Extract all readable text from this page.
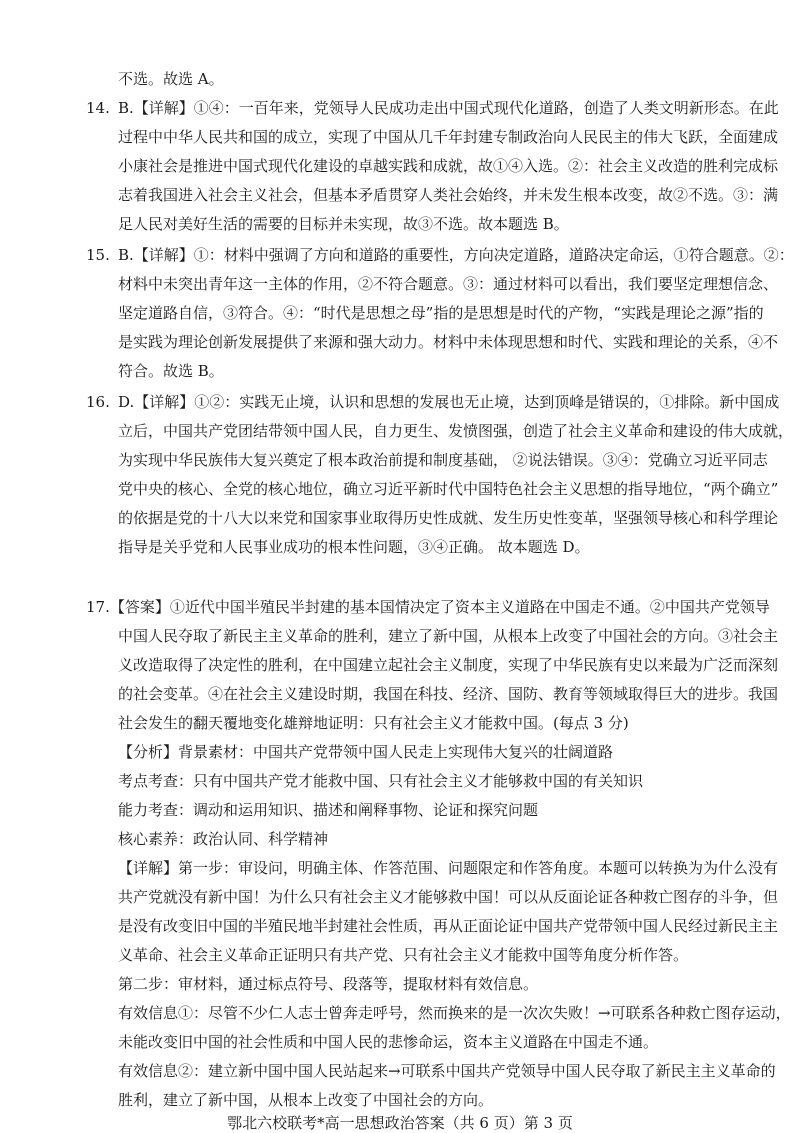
不选。故选 A。
14. B.【详解】①④：一百年来，党领导人民成功走出中国式现代化道路，创造了人类文明新形态。在此
过程中中华人民共和国的成立，实现了中国从几千年封建专制政治向人民民主的伟大飞跃，全面建成
小康社会是推进中国式现代化建设的卓越实践和成就，故①④入选。②：社会主义改造的胜利完成标
志着我国进入社会主义社会，但基本矛盾贯穿人类社会始终，并未发生根本改变，故②不选。③：满
足人民对美好生活的需要的目标并未实现，故③不选。故本题选 B。
15. B.【详解】①：材料中强调了方向和道路的重要性，方向决定道路，道路决定命运，①符合题意。②：
材料中未突出青年这一主体的作用，②不符合题意。③：通过材料可以看出，我们要坚定理想信念、
坚定道路自信，③符合。④：“时代是思想之母”指的是思想是时代的产物，“实践是理论之源”指的
是实践为理论创新发展提供了来源和强大动力。材料中未体现思想和时代、实践和理论的关系，④不
符合。故选 B。
16. D.【详解】①②：实践无止境，认识和思想的发展也无止境，达到顶峰是错误的，①排除。新中国成
立后，中国共产党团结带领中国人民，自力更生、发愤图强，创造了社会主义革命和建设的伟大成就，
为实现中华民族伟大复兴奠定了根本政治前提和制度基础， ②说法错误。③④：党确立习近平同志
党中央的核心、全党的核心地位，确立习近平新时代中国特色社会主义思想的指导地位，“两个确立”
的依据是党的十八大以来党和国家事业取得历史性成就、发生历史性变革，坚强领导核心和科学理论
指导是关乎党和人民事业成功的根本性问题，③④正确。 故本题选 D。
17.【答案】①近代中国半殖民半封建的基本国情决定了资本主义道路在中国走不通。②中国共产党领导
中国人民夺取了新民主主义革命的胜利，建立了新中国，从根本上改变了中国社会的方向。③社会主
义改造取得了决定性的胜利，在中国建立起社会主义制度，实现了中华民族有史以来最为广泛而深刻
的社会变革。④在社会主义建设时期，我国在科技、经济、国防、教育等领域取得巨大的进步。我国
社会发生的翻天覆地变化雄辩地证明：只有社会主义才能救中国。(每点 3 分)
【分析】背景素材：中国共产党带领中国人民走上实现伟大复兴的壮阔道路
考点考查：只有中国共产党才能救中国、只有社会主义才能够救中国的有关知识
能力考查：调动和运用知识、描述和阐释事物、论证和探究问题
核心素养：政治认同、科学精神
【详解】第一步：审设问，明确主体、作答范围、问题限定和作答角度。本题可以转换为为什么没有
共产党就没有新中国！为什么只有社会主义才能够救中国！可以从反面论证各种救亡图存的斗争，但
是没有改变旧中国的半殖民地半封建社会性质，再从正面论证中国共产党带领中国人民经过新民主主
义革命、社会主义革命正证明只有共产党、只有社会主义才能救中国等角度分析作答。
第二步：审材料，通过标点符号、段落等，提取材料有效信息。
有效信息①：尽管不少仁人志士曾奔走呼号，然而换来的是一次次失败！→可联系各种救亡图存运动，
未能改变旧中国的社会性质和中国人民的悲惨命运，资本主义道路在中国走不通。
有效信息②：建立新中国中国人民站起来→可联系中国共产党领导中国人民夺取了新民主主义革命的
胜利，建立了新中国，从根本上改变了中国社会的方向。
鄂北六校联考*高一思想政治答案（共 6 页）第 3 页
